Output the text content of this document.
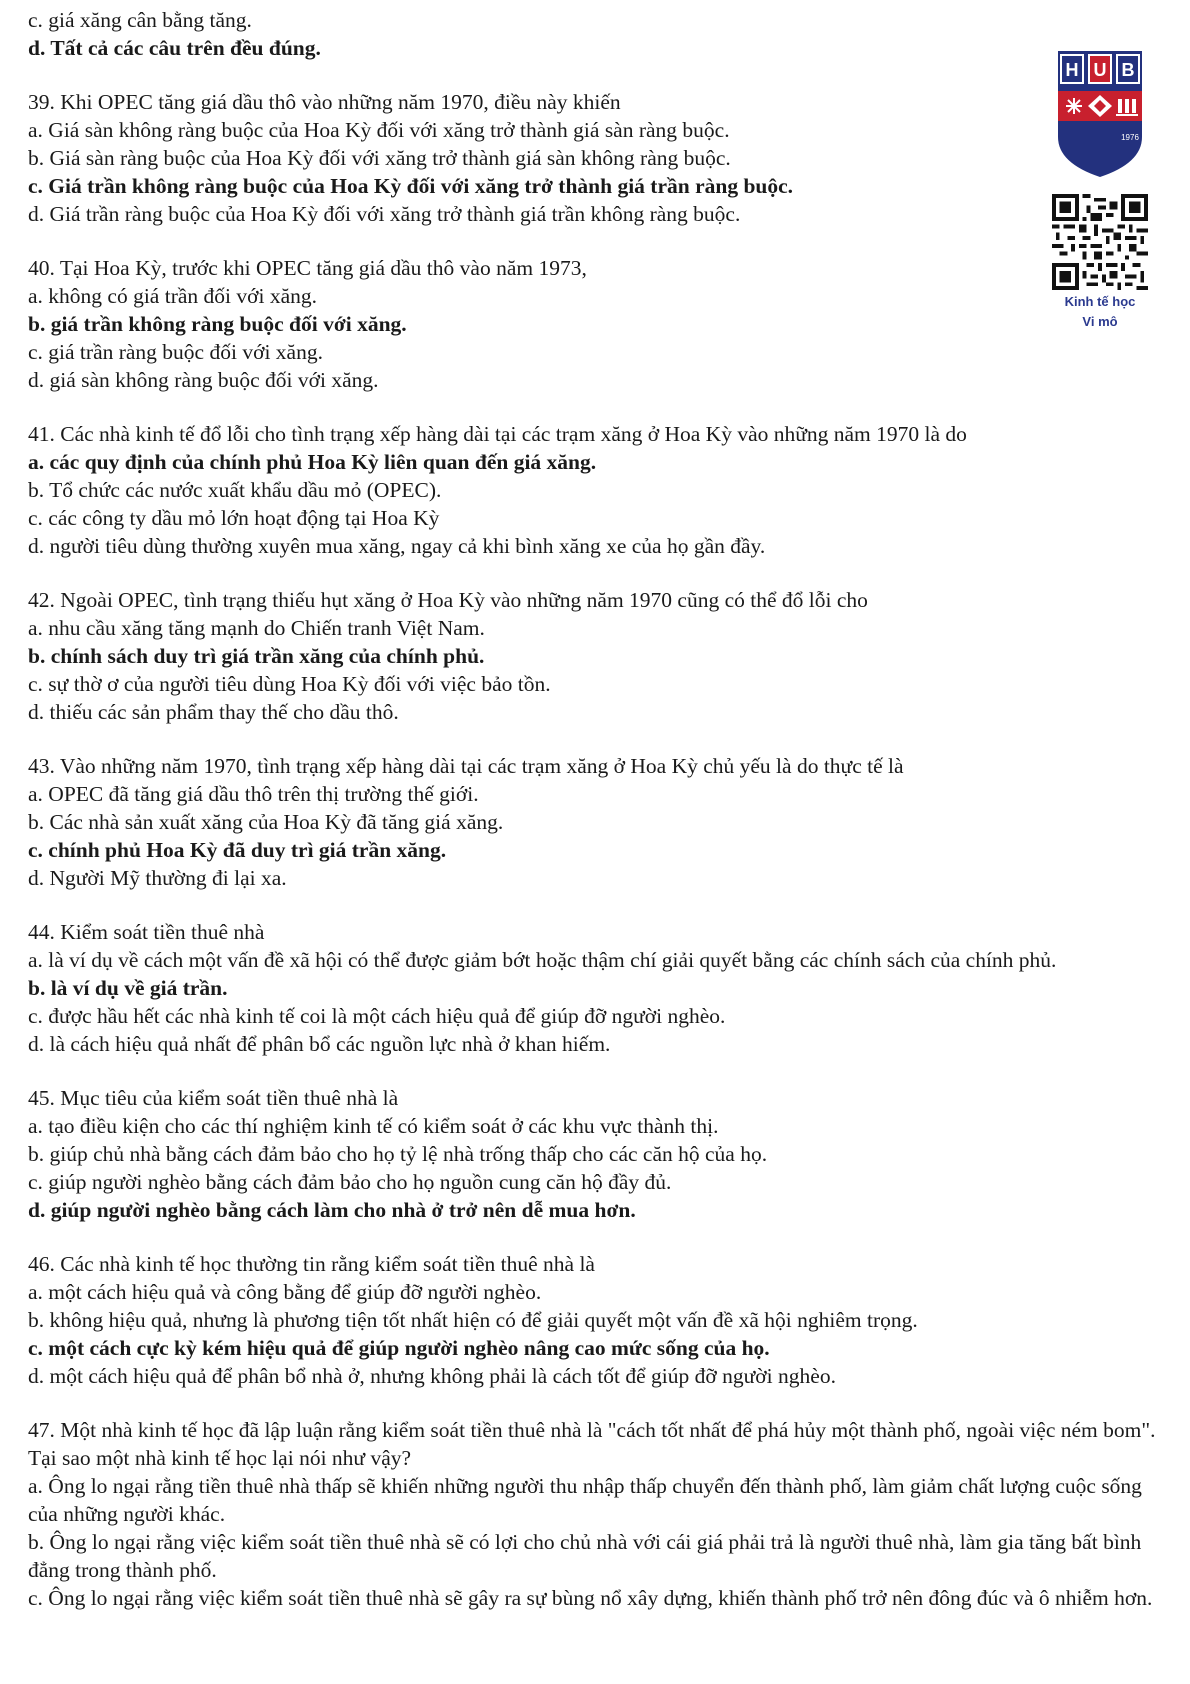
c. giá xăng cân bằng tăng.
d. Tất cả các câu trên đều đúng.
39. Khi OPEC tăng giá dầu thô vào những năm 1970, điều này khiến
a. Giá sàn không ràng buộc của Hoa Kỳ đối với xăng trở thành giá sàn ràng buộc.
b. Giá sàn ràng buộc của Hoa Kỳ đối với xăng trở thành giá sàn không ràng buộc.
c. Giá trần không ràng buộc của Hoa Kỳ đối với xăng trở thành giá trần ràng buộc.
d. Giá trần ràng buộc của Hoa Kỳ đối với xăng trở thành giá trần không ràng buộc.
40. Tại Hoa Kỳ, trước khi OPEC tăng giá dầu thô vào năm 1973,
a. không có giá trần đối với xăng.
b. giá trần không ràng buộc đối với xăng.
c. giá trần ràng buộc đối với xăng.
d. giá sàn không ràng buộc đối với xăng.
41. Các nhà kinh tế đổ lỗi cho tình trạng xếp hàng dài tại các trạm xăng ở Hoa Kỳ vào những năm 1970 là do
a. các quy định của chính phủ Hoa Kỳ liên quan đến giá xăng.
b. Tổ chức các nước xuất khẩu dầu mỏ (OPEC).
c. các công ty dầu mỏ lớn hoạt động tại Hoa Kỳ
d. người tiêu dùng thường xuyên mua xăng, ngay cả khi bình xăng xe của họ gần đầy.
42. Ngoài OPEC, tình trạng thiếu hụt xăng ở Hoa Kỳ vào những năm 1970 cũng có thể đổ lỗi cho
a. nhu cầu xăng tăng mạnh do Chiến tranh Việt Nam.
b. chính sách duy trì giá trần xăng của chính phủ.
c. sự thờ ơ của người tiêu dùng Hoa Kỳ đối với việc bảo tồn.
d. thiếu các sản phẩm thay thế cho dầu thô.
43. Vào những năm 1970, tình trạng xếp hàng dài tại các trạm xăng ở Hoa Kỳ chủ yếu là do thực tế là
a. OPEC đã tăng giá dầu thô trên thị trường thế giới.
b. Các nhà sản xuất xăng của Hoa Kỳ đã tăng giá xăng.
c. chính phủ Hoa Kỳ đã duy trì giá trần xăng.
d. Người Mỹ thường đi lại xa.
44. Kiểm soát tiền thuê nhà
a. là ví dụ về cách một vấn đề xã hội có thể được giảm bớt hoặc thậm chí giải quyết bằng các chính sách của chính phủ.
b. là ví dụ về giá trần.
c. được hầu hết các nhà kinh tế coi là một cách hiệu quả để giúp đỡ người nghèo.
d. là cách hiệu quả nhất để phân bổ các nguồn lực nhà ở khan hiếm.
45. Mục tiêu của kiểm soát tiền thuê nhà là
a. tạo điều kiện cho các thí nghiệm kinh tế có kiểm soát ở các khu vực thành thị.
b. giúp chủ nhà bằng cách đảm bảo cho họ tỷ lệ nhà trống thấp cho các căn hộ của họ.
c. giúp người nghèo bằng cách đảm bảo cho họ nguồn cung căn hộ đầy đủ.
d. giúp người nghèo bằng cách làm cho nhà ở trở nên dễ mua hơn.
46. Các nhà kinh tế học thường tin rằng kiểm soát tiền thuê nhà là
a. một cách hiệu quả và công bằng để giúp đỡ người nghèo.
b. không hiệu quả, nhưng là phương tiện tốt nhất hiện có để giải quyết một vấn đề xã hội nghiêm trọng.
c. một cách cực kỳ kém hiệu quả để giúp người nghèo nâng cao mức sống của họ.
d. một cách hiệu quả để phân bổ nhà ở, nhưng không phải là cách tốt để giúp đỡ người nghèo.
47. Một nhà kinh tế học đã lập luận rằng kiểm soát tiền thuê nhà là "cách tốt nhất để phá hủy một thành phố, ngoài việc ném bom". Tại sao một nhà kinh tế học lại nói như vậy?
a. Ông lo ngại rằng tiền thuê nhà thấp sẽ khiến những người thu nhập thấp chuyển đến thành phố, làm giảm chất lượng cuộc sống của những người khác.
b. Ông lo ngại rằng việc kiểm soát tiền thuê nhà sẽ có lợi cho chủ nhà với cái giá phải trả là người thuê nhà, làm gia tăng bất bình đẳng trong thành phố.
c. Ông lo ngại rằng việc kiểm soát tiền thuê nhà sẽ gây ra sự bùng nổ xây dựng, khiến thành phố trở nên đông đúc và ô nhiễm hơn.
H U B
1976
Kinh tế học
Vi mô
